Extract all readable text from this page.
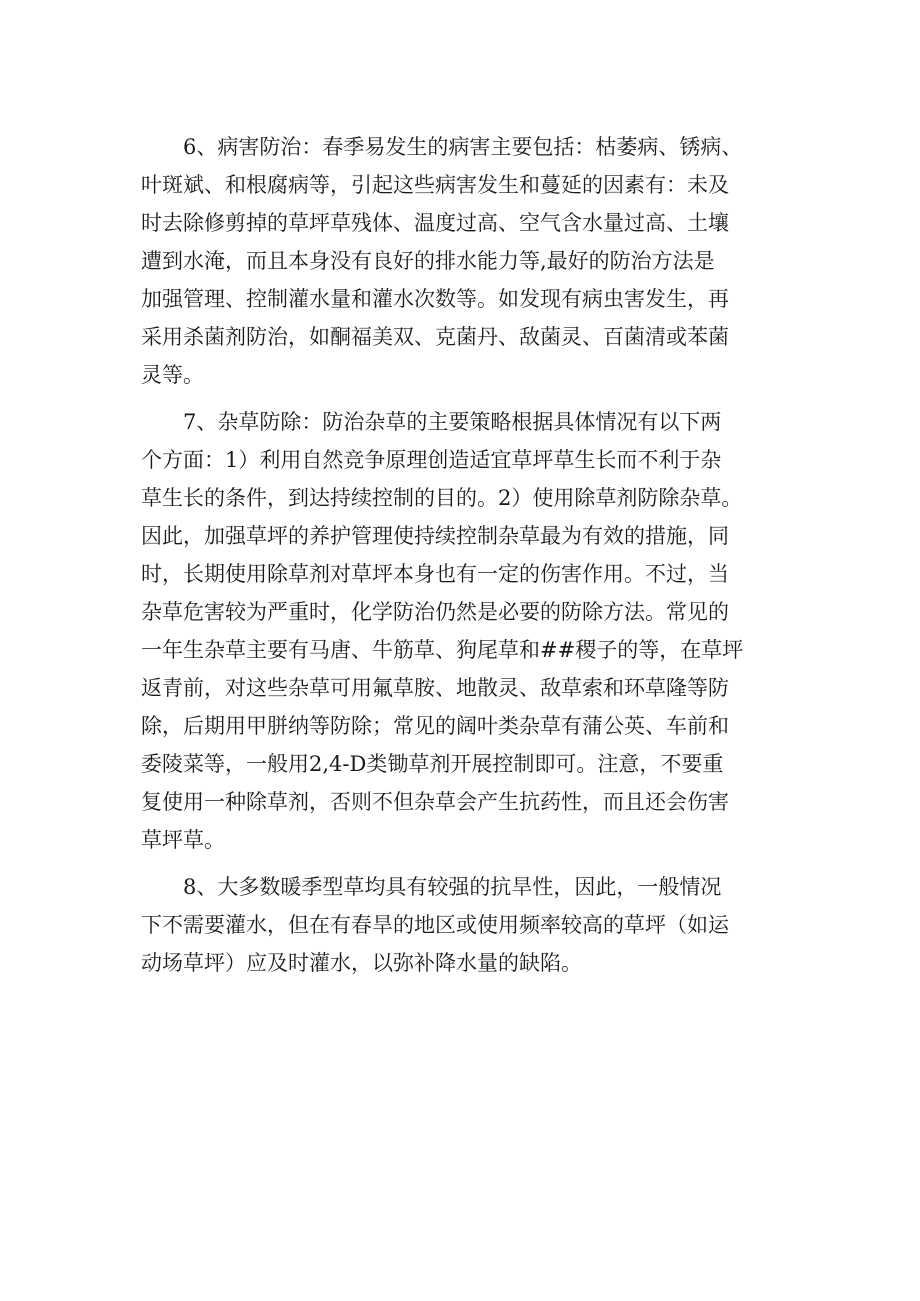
6、病害防治：春季易发生的病害主要包括：枯萎病、锈病、
叶斑斌、和根腐病等，引起这些病害发生和蔓延的因素有：未及
时去除修剪掉的草坪草残体、温度过高、空气含水量过高、土壤
遭到水淹，而且本身没有良好的排水能力等,最好的防治方法是
加强管理、控制灌水量和灌水次数等。如发现有病虫害发生，再
采用杀菌剂防治，如酮福美双、克菌丹、敌菌灵、百菌清或苯菌
灵等。

7、杂草防除：防治杂草的主要策略根据具体情况有以下两
个方面：1）利用自然竞争原理创造适宜草坪草生长而不利于杂
草生长的条件，到达持续控制的目的。2）使用除草剂防除杂草。
因此，加强草坪的养护管理使持续控制杂草最为有效的措施，同
时，长期使用除草剂对草坪本身也有一定的伤害作用。不过，当
杂草危害较为严重时，化学防治仍然是必要的防除方法。常见的
一年生杂草主要有马唐、牛筋草、狗尾草和##稷子的等，在草坪
返青前，对这些杂草可用氟草胺、地散灵、敌草索和环草隆等防
除，后期用甲胼纳等防除；常见的阔叶类杂草有蒲公英、车前和
委陵菜等，一般用2,4-D类锄草剂开展控制即可。注意，不要重
复使用一种除草剂，否则不但杂草会产生抗药性，而且还会伤害
草坪草。

8、大多数暖季型草均具有较强的抗旱性，因此，一般情况
下不需要灌水，但在有春旱的地区或使用频率较高的草坪（如运
动场草坪）应及时灌水，以弥补降水量的缺陷。
